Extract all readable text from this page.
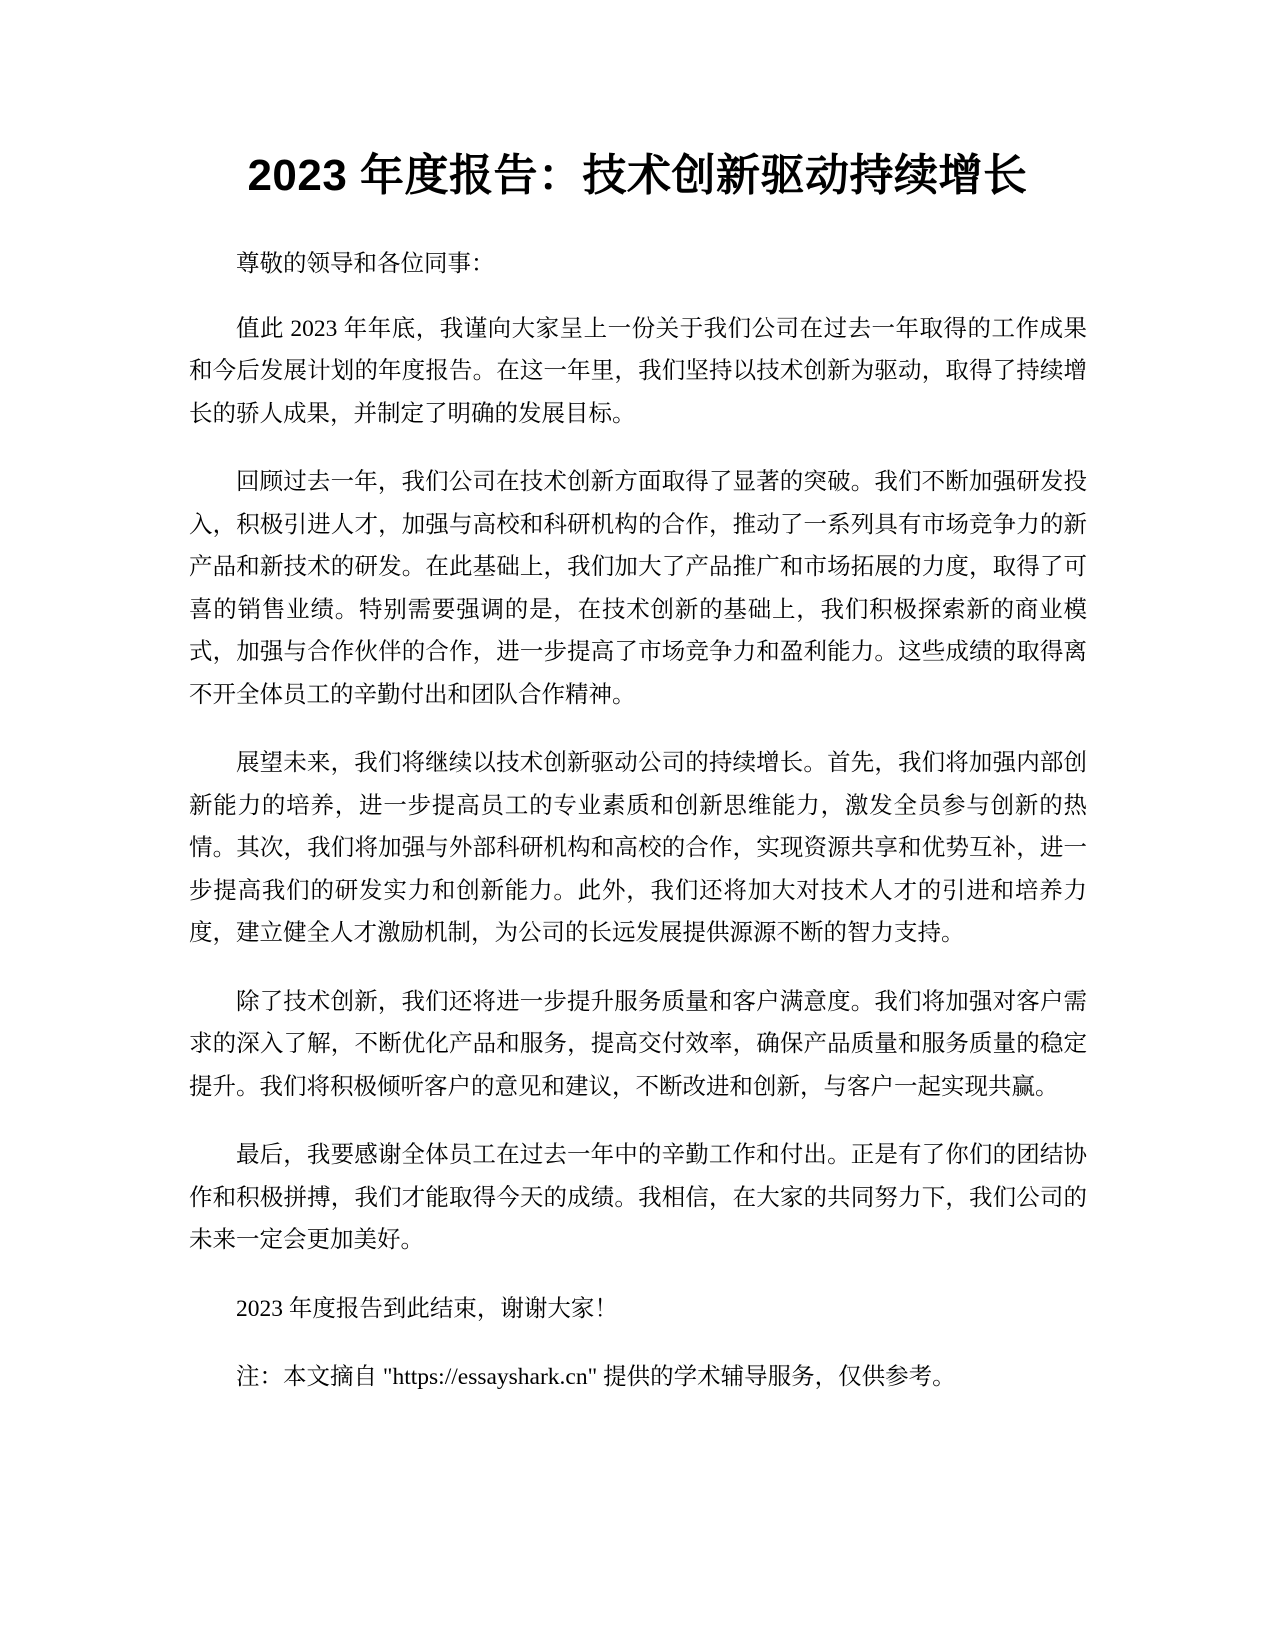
2023 年度报告：技术创新驱动持续增长

尊敬的领导和各位同事：

值此 2023 年年底，我谨向大家呈上一份关于我们公司在过去一年取得的工作成果和今后发展计划的年度报告。在这一年里，我们坚持以技术创新为驱动，取得了持续增长的骄人成果，并制定了明确的发展目标。

回顾过去一年，我们公司在技术创新方面取得了显著的突破。我们不断加强研发投入，积极引进人才，加强与高校和科研机构的合作，推动了一系列具有市场竞争力的新产品和新技术的研发。在此基础上，我们加大了产品推广和市场拓展的力度，取得了可喜的销售业绩。特别需要强调的是，在技术创新的基础上，我们积极探索新的商业模式，加强与合作伙伴的合作，进一步提高了市场竞争力和盈利能力。这些成绩的取得离不开全体员工的辛勤付出和团队合作精神。

展望未来，我们将继续以技术创新驱动公司的持续增长。首先，我们将加强内部创新能力的培养，进一步提高员工的专业素质和创新思维能力，激发全员参与创新的热情。其次，我们将加强与外部科研机构和高校的合作，实现资源共享和优势互补，进一步提高我们的研发实力和创新能力。此外，我们还将加大对技术人才的引进和培养力度，建立健全人才激励机制，为公司的长远发展提供源源不断的智力支持。

除了技术创新，我们还将进一步提升服务质量和客户满意度。我们将加强对客户需求的深入了解，不断优化产品和服务，提高交付效率，确保产品质量和服务质量的稳定提升。我们将积极倾听客户的意见和建议，不断改进和创新，与客户一起实现共赢。

最后，我要感谢全体员工在过去一年中的辛勤工作和付出。正是有了你们的团结协作和积极拼搏，我们才能取得今天的成绩。我相信，在大家的共同努力下，我们公司的未来一定会更加美好。

2023 年度报告到此结束，谢谢大家！

注：本文摘自 "https://essayshark.cn" 提供的学术辅导服务，仅供参考。
